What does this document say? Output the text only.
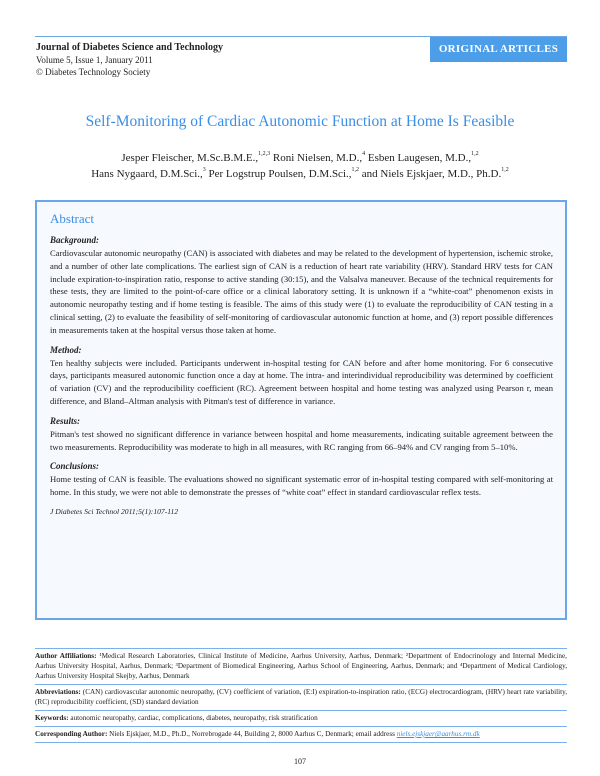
Journal of Diabetes Science and Technology
Volume 5, Issue 1, January 2011
© Diabetes Technology Society
ORIGINAL ARTICLES
Self-Monitoring of Cardiac Autonomic Function at Home Is Feasible
Jesper Fleischer, M.Sc.B.M.E.,$^{1,2,3}$ Roni Nielsen, M.D.,$^4$ Esben Laugesen, M.D.,$^{1,2}$
Hans Nygaard, D.M.Sci.,$^3$ Per Logstrup Poulsen, D.M.Sci.,$^{1,2}$ and Niels Ejskjaer, M.D., Ph.D.$^{1,2}$
Abstract
Background:

Cardiovascular autonomic neuropathy (CAN) is associated with diabetes and may be related to the development of hypertension, ischemic stroke, and a number of other late complications. The earliest sign of CAN is a reduction of heart rate variability (HRV). Standard HRV tests for CAN include expiration-to-inspiration ratio, response to active standing (30:15), and the Valsalva maneuver. Because of the technical requirements for these tests, they are limited to the point-of-care office or a clinical laboratory setting. It is unknown if a “white-coat” phenomenon exists in autonomic neuropathy testing and if home testing is feasible. The aims of this study were (1) to evaluate the reproducibility of CAN testing in a clinical setting, (2) to evaluate the feasibility of self-monitoring of cardiovascular autonomic function at home, and (3) report possible differences in measurements taken at the hospital versus those taken at home.

Method:

Ten healthy subjects were included. Participants underwent in-hospital testing for CAN before and after home monitoring. For 6 consecutive days, participants measured autonomic function once a day at home. The intra- and interindividual reproducibility was determined by coefficient of variation (CV) and the reproducibility coefficient (RC). Agreement between hospital and home testing was analyzed using Pearson r, mean difference, and Bland–Altman analysis with Pitman's test of difference in variance.

Results:

Pitman's test showed no significant difference in variance between hospital and home measurements, indicating suitable agreement between the two measurements. Reproducibility was moderate to high in all measures, with RC ranging from 66–94% and CV ranging from 5–10%.

Conclusions:

Home testing of CAN is feasible. The evaluations showed no significant systematic error of in-hospital testing compared with self-monitoring at home. In this study, we were not able to demonstrate the presses of “white coat” effect in standard cardiovascular reflex tests.

J Diabetes Sci Technol 2011;5(1):107-112
Author Affiliations: ¹Medical Research Laboratories, Clinical Institute of Medicine, Aarhus University, Aarhus, Denmark; ²Department of Endocrinology and Internal Medicine, Aarhus University Hospital, Aarhus, Denmark; ³Department of Biomedical Engineering, Aarhus School of Engineering, Aarhus, Denmark; and ⁴Department of Medical Cardiology, Aarhus University Hospital Skejby, Aarhus, Denmark
Abbreviations: (CAN) cardiovascular autonomic neuropathy, (CV) coefficient of variation, (E:I) expiration-to-inspiration ratio, (ECG) electrocardiogram, (HRV) heart rate variability, (RC) reproducibility coefficient, (SD) standard deviation
Keywords: autonomic neuropathy, cardiac, complications, diabetes, neuropathy, risk stratification
Corresponding Author: Niels Ejskjaer, M.D., Ph.D., Norrebrogade 44, Building 2, 8000 Aarhus C, Denmark; email address niels.ejskjaer@aarhus.rm.dk
107
